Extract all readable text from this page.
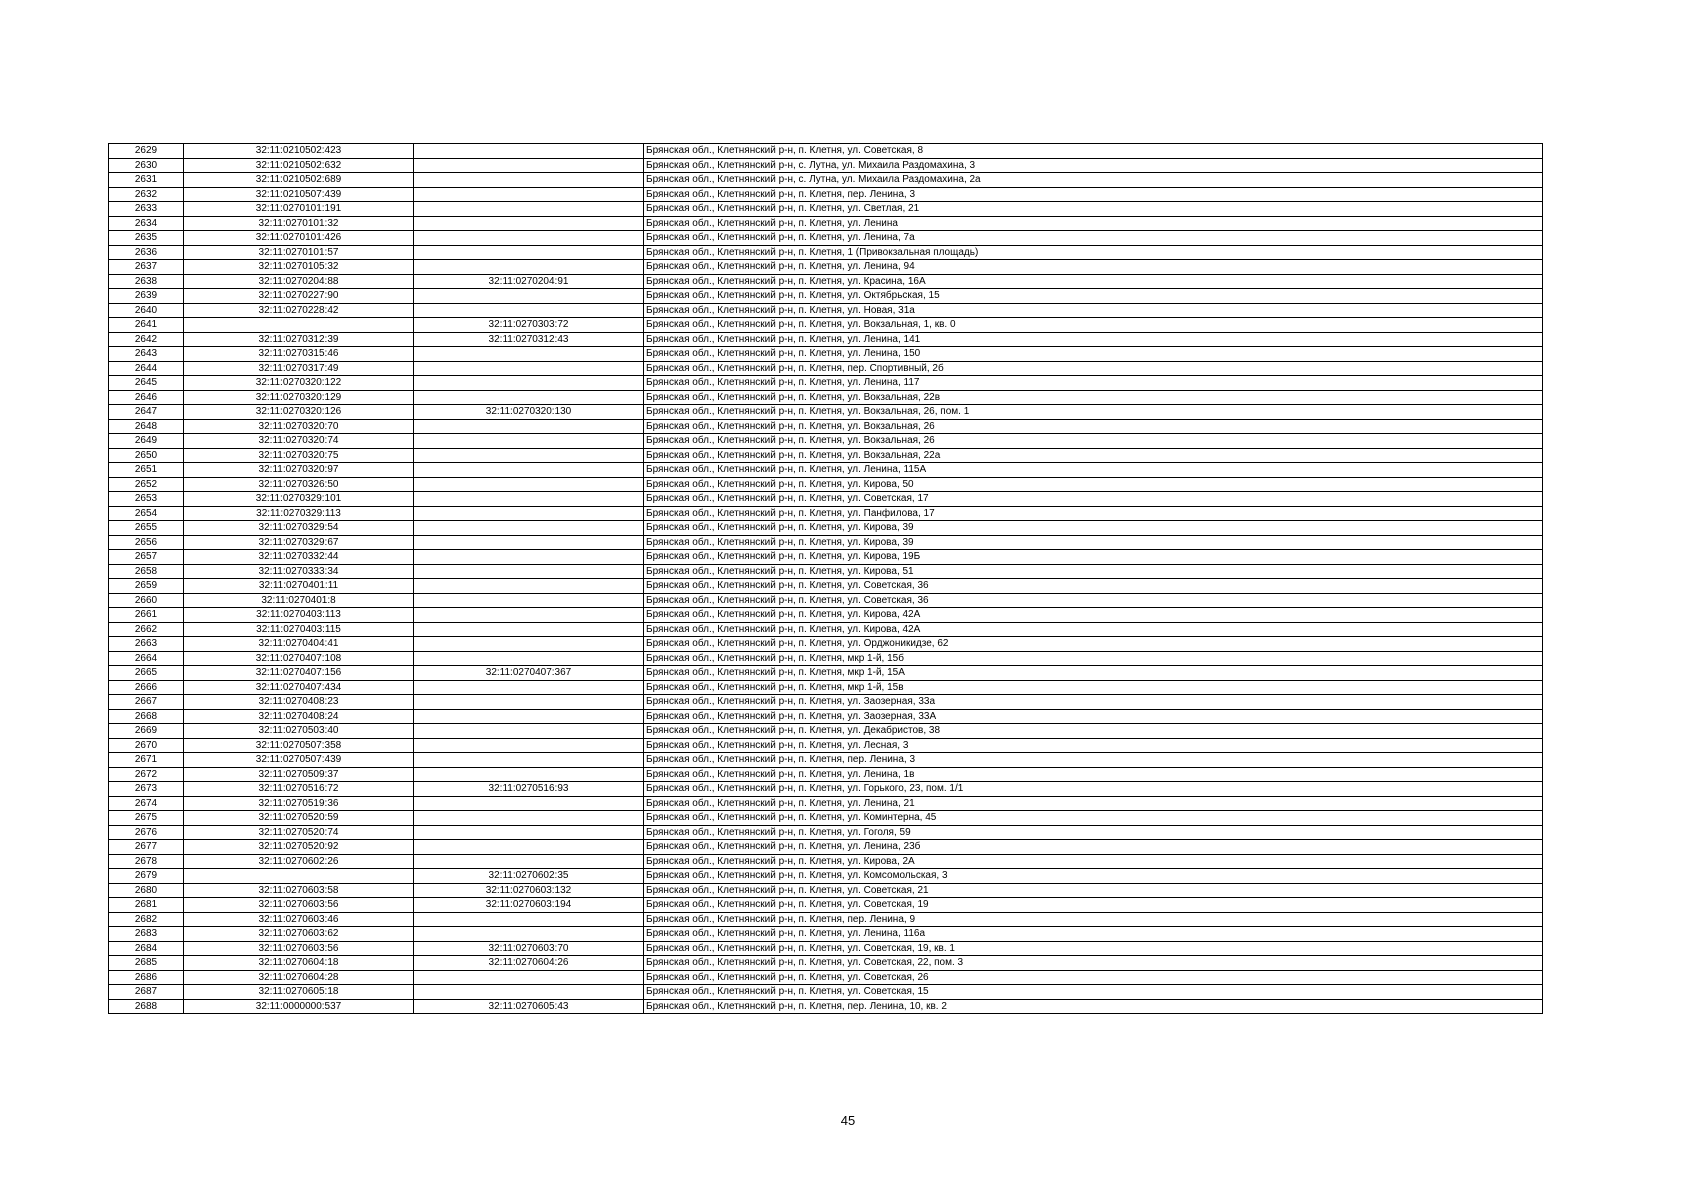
2629	32:11:0210502:423		Брянская обл., Клетнянский р-н, п. Клетня, ул. Советская, 8
2630	32:11:0210502:632		Брянская обл., Клетнянский р-н, с. Лутна, ул. Михаила Раздомахина, 3
2631	32:11:0210502:689		Брянская обл., Клетнянский р-н, с. Лутна, ул. Михаила Раздомахина, 2а
2632	32:11:0210507:439		Брянская обл., Клетнянский р-н, п. Клетня, пер. Ленина, 3
2633	32:11:0270101:191		Брянская обл., Клетнянский р-н, п. Клетня, ул. Светлая, 21
2634	32:11:0270101:32		Брянская обл., Клетнянский р-н, п. Клетня, ул. Ленина
2635	32:11:0270101:426		Брянская обл., Клетнянский р-н, п. Клетня, ул. Ленина, 7а
2636	32:11:0270101:57		Брянская обл., Клетнянский р-н, п. Клетня, 1 (Привокзальная площадь)
2637	32:11:0270105:32		Брянская обл., Клетнянский р-н, п. Клетня, ул. Ленина, 94
2638	32:11:0270204:88	32:11:0270204:91	Брянская обл., Клетнянский р-н, п. Клетня, ул. Красина, 16А
2639	32:11:0270227:90		Брянская обл., Клетнянский р-н, п. Клетня, ул. Октябрьская, 15
2640	32:11:0270228:42		Брянская обл., Клетнянский р-н, п. Клетня, ул. Новая, 31а
2641		32:11:0270303:72	Брянская обл., Клетнянский р-н, п. Клетня, ул. Вокзальная, 1, кв. 0
2642	32:11:0270312:39	32:11:0270312:43	Брянская обл., Клетнянский р-н, п. Клетня, ул. Ленина, 141
2643	32:11:0270315:46		Брянская обл., Клетнянский р-н, п. Клетня, ул. Ленина, 150
2644	32:11:0270317:49		Брянская обл., Клетнянский р-н, п. Клетня, пер. Спортивный, 2б
2645	32:11:0270320:122		Брянская обл., Клетнянский р-н, п. Клетня, ул. Ленина, 117
2646	32:11:0270320:129		Брянская обл., Клетнянский р-н, п. Клетня, ул. Вокзальная, 22в
2647	32:11:0270320:126	32:11:0270320:130	Брянская обл., Клетнянский р-н, п. Клетня, ул. Вокзальная, 26, пом. 1
2648	32:11:0270320:70		Брянская обл., Клетнянский р-н, п. Клетня, ул. Вокзальная, 26
2649	32:11:0270320:74		Брянская обл., Клетнянский р-н, п. Клетня, ул. Вокзальная, 26
2650	32:11:0270320:75		Брянская обл., Клетнянский р-н, п. Клетня, ул. Вокзальная, 22а
2651	32:11:0270320:97		Брянская обл., Клетнянский р-н, п. Клетня, ул. Ленина, 115А
2652	32:11:0270326:50		Брянская обл., Клетнянский р-н, п. Клетня, ул. Кирова, 50
2653	32:11:0270329:101		Брянская обл., Клетнянский р-н, п. Клетня, ул. Советская, 17
2654	32:11:0270329:113		Брянская обл., Клетнянский р-н, п. Клетня, ул. Панфилова, 17
2655	32:11:0270329:54		Брянская обл., Клетнянский р-н, п. Клетня, ул. Кирова, 39
2656	32:11:0270329:67		Брянская обл., Клетнянский р-н, п. Клетня, ул. Кирова, 39
2657	32:11:0270332:44		Брянская обл., Клетнянский р-н, п. Клетня, ул. Кирова, 19Б
2658	32:11:0270333:34		Брянская обл., Клетнянский р-н, п. Клетня, ул. Кирова, 51
2659	32:11:0270401:11		Брянская обл., Клетнянский р-н, п. Клетня, ул. Советская, 36
2660	32:11:0270401:8		Брянская обл., Клетнянский р-н, п. Клетня, ул. Советская, 36
2661	32:11:0270403:113		Брянская обл., Клетнянский р-н, п. Клетня, ул. Кирова, 42А
2662	32:11:0270403:115		Брянская обл., Клетнянский р-н, п. Клетня, ул. Кирова, 42А
2663	32:11:0270404:41		Брянская обл., Клетнянский р-н, п. Клетня, ул. Орджоникидзе, 62
2664	32:11:0270407:108		Брянская обл., Клетнянский р-н, п. Клетня, мкр 1-й, 15б
2665	32:11:0270407:156	32:11:0270407:367	Брянская обл., Клетнянский р-н, п. Клетня, мкр 1-й, 15А
2666	32:11:0270407:434		Брянская обл., Клетнянский р-н, п. Клетня, мкр 1-й, 15в
2667	32:11:0270408:23		Брянская обл., Клетнянский р-н, п. Клетня, ул. Заозерная, 33а
2668	32:11:0270408:24		Брянская обл., Клетнянский р-н, п. Клетня, ул. Заозерная, 33А
2669	32:11:0270503:40		Брянская обл., Клетнянский р-н, п. Клетня, ул. Декабристов, 38
2670	32:11:0270507:358		Брянская обл., Клетнянский р-н, п. Клетня, ул. Лесная, 3
2671	32:11:0270507:439		Брянская обл., Клетнянский р-н, п. Клетня, пер. Ленина, 3
2672	32:11:0270509:37		Брянская обл., Клетнянский р-н, п. Клетня, ул. Ленина, 1в
2673	32:11:0270516:72	32:11:0270516:93	Брянская обл., Клетнянский р-н, п. Клетня, ул. Горького, 23, пом. 1/1
2674	32:11:0270519:36		Брянская обл., Клетнянский р-н, п. Клетня, ул. Ленина, 21
2675	32:11:0270520:59		Брянская обл., Клетнянский р-н, п. Клетня, ул. Коминтерна, 45
2676	32:11:0270520:74		Брянская обл., Клетнянский р-н, п. Клетня, ул. Гоголя, 59
2677	32:11:0270520:92		Брянская обл., Клетнянский р-н, п. Клетня, ул. Ленина, 23б
2678	32:11:0270602:26		Брянская обл., Клетнянский р-н, п. Клетня, ул. Кирова, 2А
2679		32:11:0270602:35	Брянская обл., Клетнянский р-н, п. Клетня, ул. Комсомольская, 3
2680	32:11:0270603:58	32:11:0270603:132	Брянская обл., Клетнянский р-н, п. Клетня, ул. Советская, 21
2681	32:11:0270603:56	32:11:0270603:194	Брянская обл., Клетнянский р-н, п. Клетня, ул. Советская, 19
2682	32:11:0270603:46		Брянская обл., Клетнянский р-н, п. Клетня, пер. Ленина, 9
2683	32:11:0270603:62		Брянская обл., Клетнянский р-н, п. Клетня, ул. Ленина, 116а
2684	32:11:0270603:56	32:11:0270603:70	Брянская обл., Клетнянский р-н, п. Клетня, ул. Советская, 19, кв. 1
2685	32:11:0270604:18	32:11:0270604:26	Брянская обл., Клетнянский р-н, п. Клетня, ул. Советская, 22, пом. 3
2686	32:11:0270604:28		Брянская обл., Клетнянский р-н, п. Клетня, ул. Советская, 26
2687	32:11:0270605:18		Брянская обл., Клетнянский р-н, п. Клетня, ул. Советская, 15
2688	32:11:0000000:537	32:11:0270605:43	Брянская обл., Клетнянский р-н, п. Клетня, пер. Ленина, 10, кв. 2
45
